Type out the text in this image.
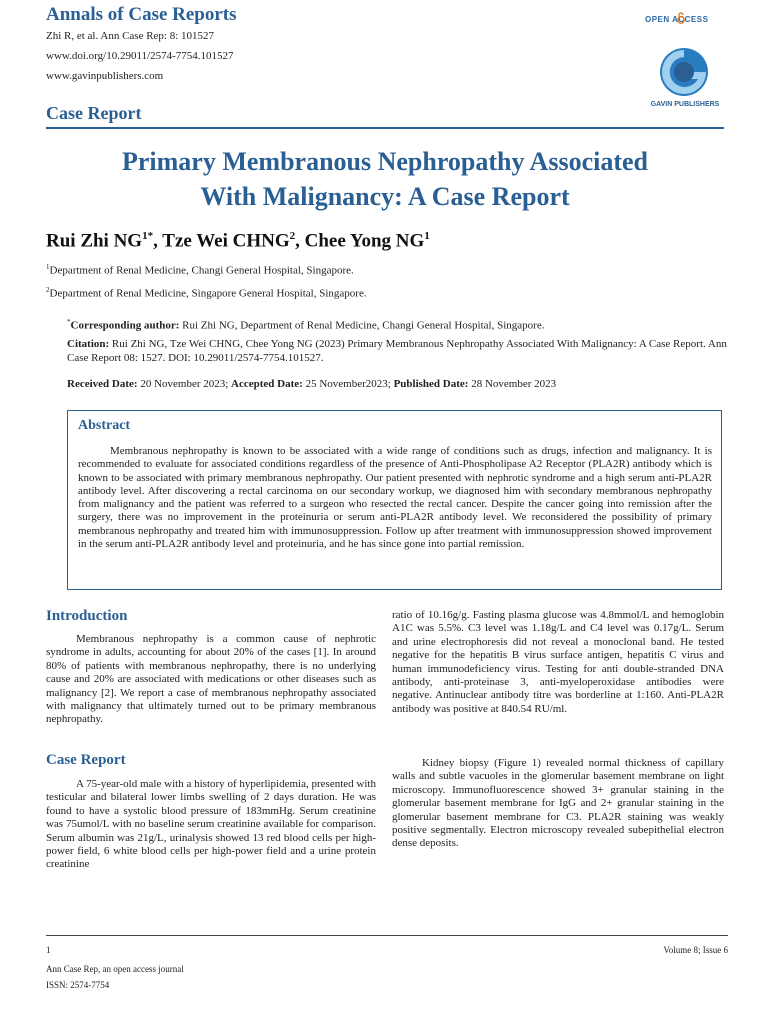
Annals of Case Reports
Zhi R, et al. Ann Case Rep: 8: 101527
www.doi.org/10.29011/2574-7754.101527
www.gavinpublishers.com
OPEN ACCESS
GAVIN PUBLISHERS
Case Report
Primary Membranous Nephropathy Associated
With Malignancy: A Case Report
Rui Zhi $NG^{1*}$, Tze Wei CHNG$^2$, Chee Yong $NG^1$
$^1$Department of Renal Medicine, Changi General Hospital, Singapore.
$^2$Department of Renal Medicine, Singapore General Hospital, Singapore.
*Corresponding author: Rui Zhi NG, Department of Renal Medicine, Changi General Hospital, Singapore.
Citation: Rui Zhi NG, Tze Wei CHNG, Chee Yong NG (2023) Primary Membranous Nephropathy Associated With Malignancy: A Case Report. Ann Case Report 08: 1527. DOI: 10.29011/2574-7754.101527.
Received Date: 20 November 2023; Accepted Date: 25 November2023; Published Date: 28 November 2023
Abstract
Membranous nephropathy is known to be associated with a wide range of conditions such as drugs, infection and malignancy. It is recommended to evaluate for associated conditions regardless of the presence of Anti-Phospholipase A2 Receptor (PLA2R) antibody which is known to be associated with primary membranous nephropathy. Our patient presented with nephrotic syndrome and a high serum anti-PLA2R antibody level. After discovering a rectal carcinoma on our secondary workup, we diagnosed him with secondary membranous nephropathy from malignancy and the patient was referred to a surgeon who resected the rectal cancer. Despite the cancer going into remission after the surgery, there was no improvement in the proteinuria or serum anti-PLA2R antibody level. We reconsidered the possibility of primary membranous nephropathy and treated him with immunosuppression. Follow up after treatment with immunosuppression showed improvement in the serum anti-PLA2R antibody level and proteinuria, and he has since gone into partial remission.
Introduction
Membranous nephropathy is a common cause of nephrotic syndrome in adults, accounting for about 20% of the cases [1]. In around 80% of patients with membranous nephropathy, there is no underlying cause and 20% are associated with medications or other diseases such as malignancy [2]. We report a case of membranous nephropathy associated with malignancy that ultimately turned out to be primary membranous nephropathy.
Case Report
A 75-year-old male with a history of hyperlipidemia, presented with testicular and bilateral lower limbs swelling of 2 days duration. He was found to have a systolic blood pressure of 183mmHg. Serum creatinine was 75umol/L with no baseline serum creatinine available for comparison. Serum albumin was 21g/L, urinalysis showed 13 red blood cells per high-power field, 6 white blood cells per high-power field and a urine protein creatinine
ratio of 10.16g/g. Fasting plasma glucose was 4.8mmol/L and hemoglobin A1C was 5.5%. C3 level was 1.18g/L and C4 level was 0.17g/L. Serum and urine electrophoresis did not reveal a monoclonal band. He tested negative for the hepatitis B virus surface antigen, hepatitis C virus and human immunodeficiency virus. Testing for anti double-stranded DNA antibody, anti-proteinase 3, anti-myeloperoxidase antibodies were negative. Antinuclear antibody titre was borderline at 1:160. Anti-PLA2R antibody was positive at 840.54 RU/ml.
Kidney biopsy (Figure 1) revealed normal thickness of capillary walls and subtle vacuoles in the glomerular basement membrane on light microscopy. Immunofluorescence showed 3+ granular staining in the glomerular basement membrane for IgG and 2+ granular staining in the glomerular basement membrane for C3. PLA2R staining was weakly positive segmentally. Electron microscopy revealed subepithelial electron dense deposits.
1	Volume 8; Issue 6
Ann Case Rep, an open access journal
ISSN: 2574-7754
